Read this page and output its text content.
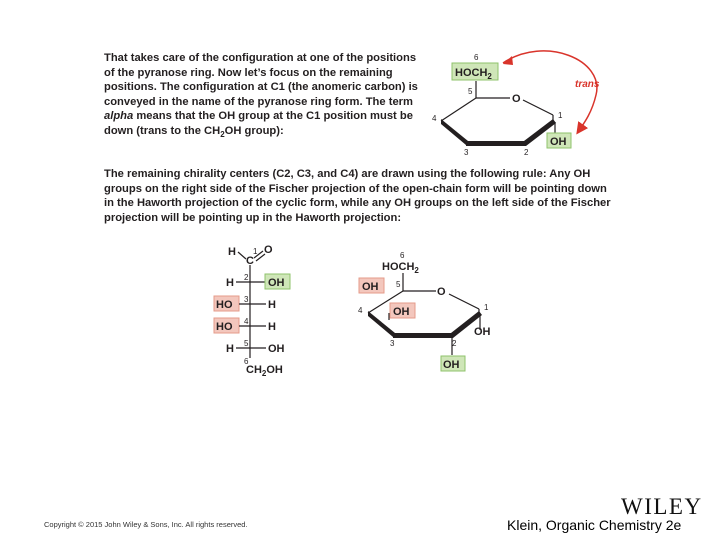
That takes care of the configuration at one of the positions of the pyranose ring. Now let’s focus on the remaining positions. The configuration at C1 (the anomeric carbon) is conveyed in the name of the pyranose ring form. The term alpha means that the OH group at the C1 position must be down (trans to the $CH_2OH$ group):

The remaining chirality centers (C2, C3, and C4) are drawn using the following rule: Any OH groups on the right side of the Fischer projection of the open-chain form will be pointing down in the Haworth projection of the cyclic form, while any OH groups on the left side of the Fischer projection will be pointing up in the Haworth projection:

6
$HOCH_2$
5
O
4
3	2
1
OH
trans
H
C
O
1
H 2 OH
HO 3 H
HO 4 H
H 5 OH
6
$CH_2OH$
6
$HOCH_2$
5
OH	O
4	OH
3	2
1
OH
OH
Copyright © 2015 John Wiley & Sons, Inc. All rights reserved.
WILEY
Klein, Organic Chemistry 2e
